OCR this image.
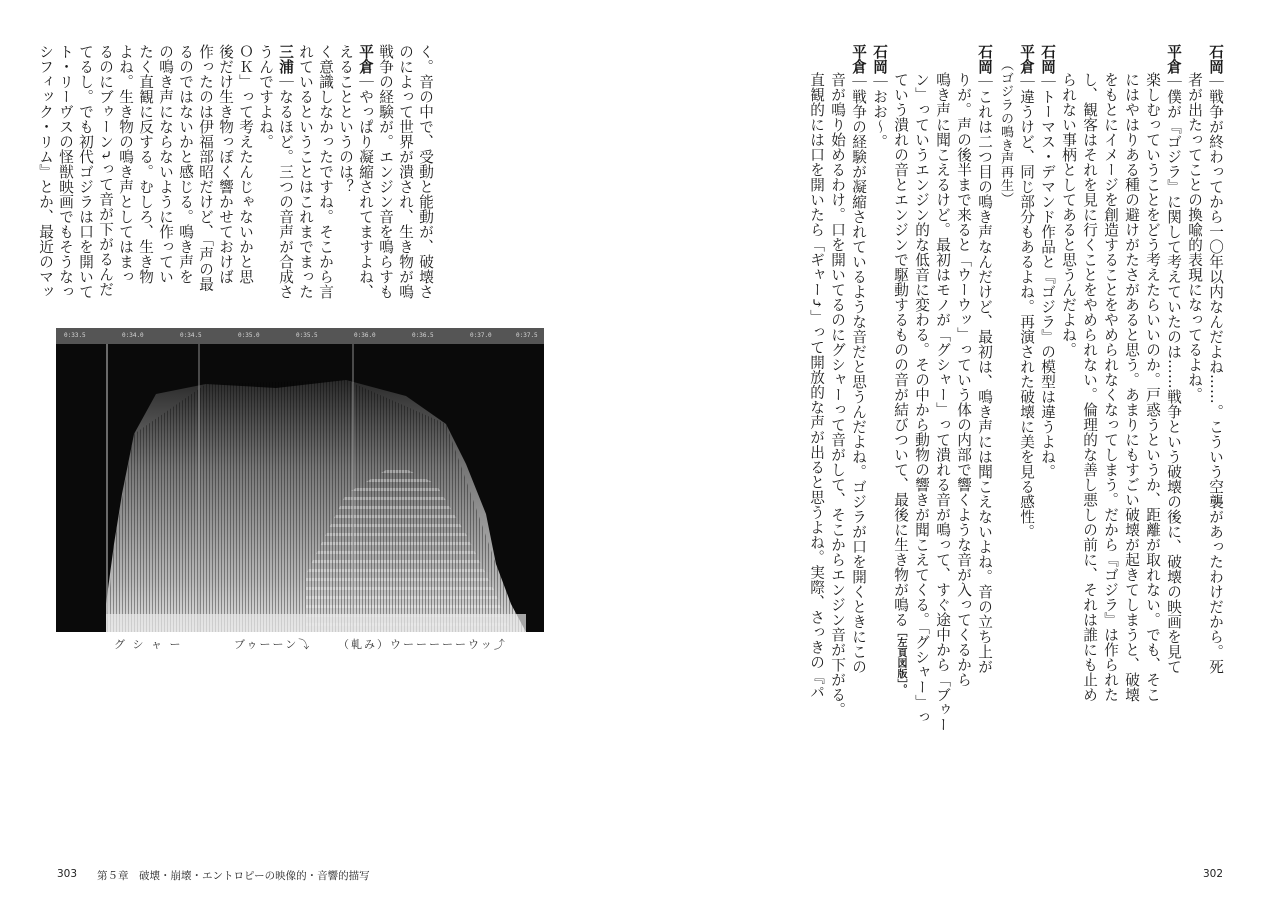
シフィック・リム』とか、最近のマッ ト・リーヴスの怪獣映画でもそうなっ てるし。でも初代ゴジラは口を開いて るのにブゥーン⤵って音が下がるんだ よね。生き物の鳴き声としてはまっ たく直観に反する。むしろ、生き物 の鳴き声にならないように作ってい るのではないかと感じる。鳴き声を 作ったのは伊福部昭だけど、「声の最 後だけ生き物っぽく響かせておけば ＯＫ」って考えたんじゃないかと思 うんですよね。 三浦｜なるほど。三つの音声が合成さ れているということはこれまでまった く意識しなかったですね。そこから言 えることというのは？ 平倉｜やっぱり凝縮されてますよね、 戦争の経験が。エンジン音を鳴らすも のによって世界が潰され、生き物が鳴 く。音の中で、受動と能動が、破壊さ
0:33.5	0:34.0	0:34.5	0:35.0	0:35.5	0:36.0	0:36.5	0:37.0	0:37.5
グ シ ャ ー	ブゥーーン⤵ （軋み） ウーーーーーウッ⤴
石岡｜戦争が終わってから一〇年以内なんだよね……。こういう空襲があったわけだから。死
者が出たってことの換喩的表現になってるよね。
平倉｜僕が『ゴジラ』に関して考えていたのは……戦争という破壊の後に、破壊の映画を見て
楽しむっていうことをどう考えたらいいのか。戸惑うというか、距離が取れない。でも、そこ
にはやはりある種の避けがたさがあると思う。あまりにもすごい破壊が起きてしまうと、破壊
をもとにイメージを創造することをやめられなくなってしまう。だから『ゴジラ』は作られた
し、観客はそれを見に行くことをやめられない。倫理的な善し悪しの前に、それは誰にも止め
られない事柄としてあると思うんだよね。
石岡｜トーマス・デマンド作品と『ゴジラ』の模型は違うよね。
平倉｜違うけど、同じ部分もあるよね。再演された破壊に美を見る感性。
（ゴジラの鳴き声再生）
石岡｜これは二つ目の鳴き声なんだけど、最初は、鳴き声には聞こえないよね。音の立ち上が
りが。声の後半まで来ると「ウーウッ」っていう体の内部で響くような音が入ってくるから
鳴き声に聞こえるけど。最初はモノが「グシャー」って潰れる音が鳴って、すぐ途中から「ブゥー
ン」っていうエンジン的な低音に変わる。その中から動物の響きが聞こえてくる。「グシャー」っ
ていう潰れの音とエンジンで駆動するものの音が結びついて、最後に生き物が鳴る［左頁図版］。
石岡｜おお〜。
平倉｜戦争の経験が凝縮されているような音だと思うんだよね。ゴジラが口を開くときにこの
音が鳴り始めるわけ。口を開いてるのにグシャーって音がして、そこからエンジン音が下がる。
直観的には口を開いたら「ギャー⤴」って開放的な声が出ると思うよね。実際、さっきの『パ
303 第５章　破壊・崩壊・エントロピーの映像的・音響的描写	302
